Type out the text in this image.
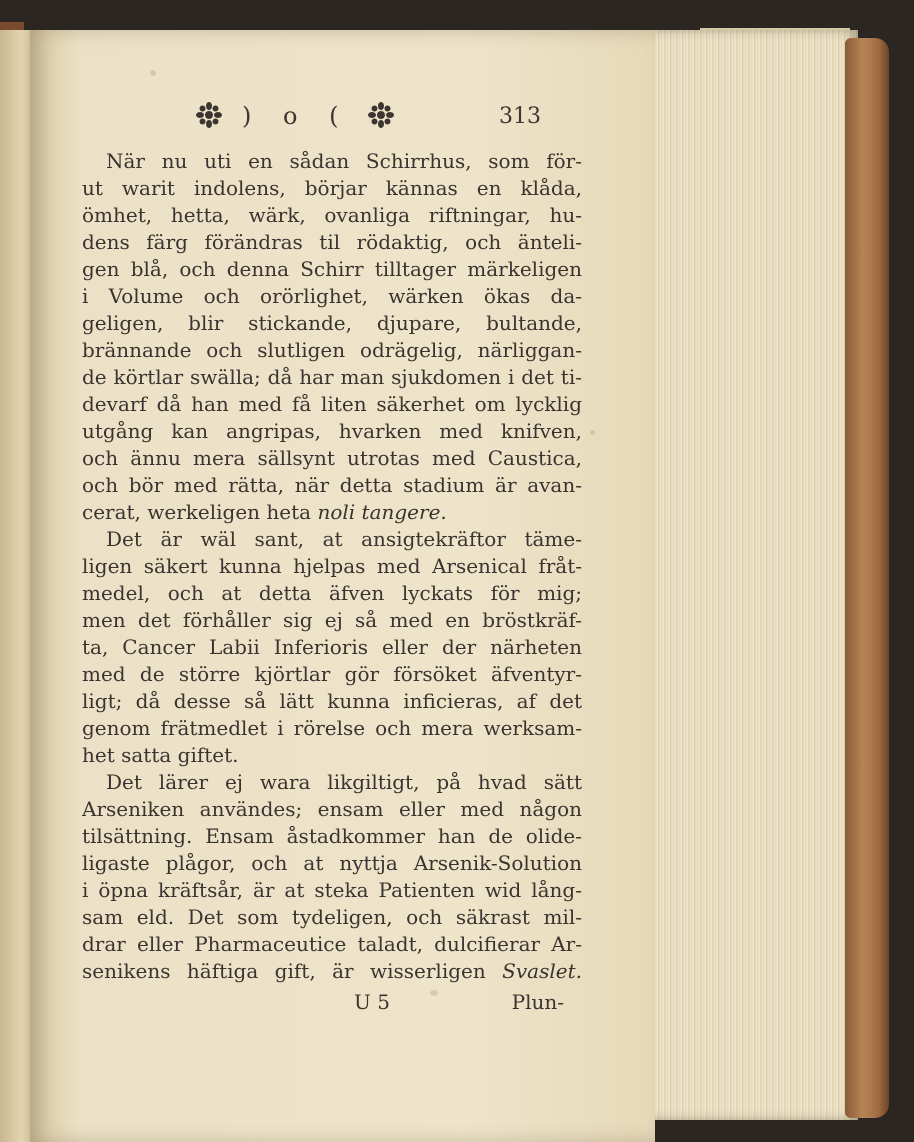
) o (	313
När nu uti en sådan Schirrhus, som för-
ut warit indolens, börjar kännas en klåda,
ömhet, hetta, wärk, ovanliga riftningar, hu-
dens färg förändras til rödaktig, och änteli-
gen blå, och denna Schirr tilltager märkeligen
i Volume och orörlighet, wärken ökas da-
geligen, blir stickande, djupare, bultande,
brännande och slutligen odrägelig, närliggan-
de körtlar swälla; då har man sjukdomen i det ti-
devarf då han med få liten säkerhet om lycklig
utgång kan angripas, hvarken med knifven,
och ännu mera sällsynt utrotas med Caustica,
och bör med rätta, när detta stadium är avan-
cerat, werkeligen heta noli tangere.
Det är wäl sant, at ansigtekräftor täme-
ligen säkert kunna hjelpas med Arsenical fråt-
medel, och at detta äfven lyckats för mig;
men det förhåller sig ej så med en bröstkräf-
ta, Cancer Labii Inferioris eller der närheten
med de större kjörtlar gör försöket äfventyr-
ligt; då desse så lätt kunna inficieras, af det
genom frätmedlet i rörelse och mera werksam-
het satta giftet.
Det lärer ej wara likgiltigt, på hvad sätt
Arseniken användes; ensam eller med någon
tilsättning. Ensam åstadkommer han de olide-
ligaste plågor, och at nyttja Arsenik-Solution
i öpna kräftsår, är at steka Patienten wid lång-
sam eld. Det som tydeligen, och säkrast mil-
drar eller Pharmaceutice taladt, dulcifierar Ar-
senikens häftiga gift, är wisserligen Svaslet.
U 5	Plun-
